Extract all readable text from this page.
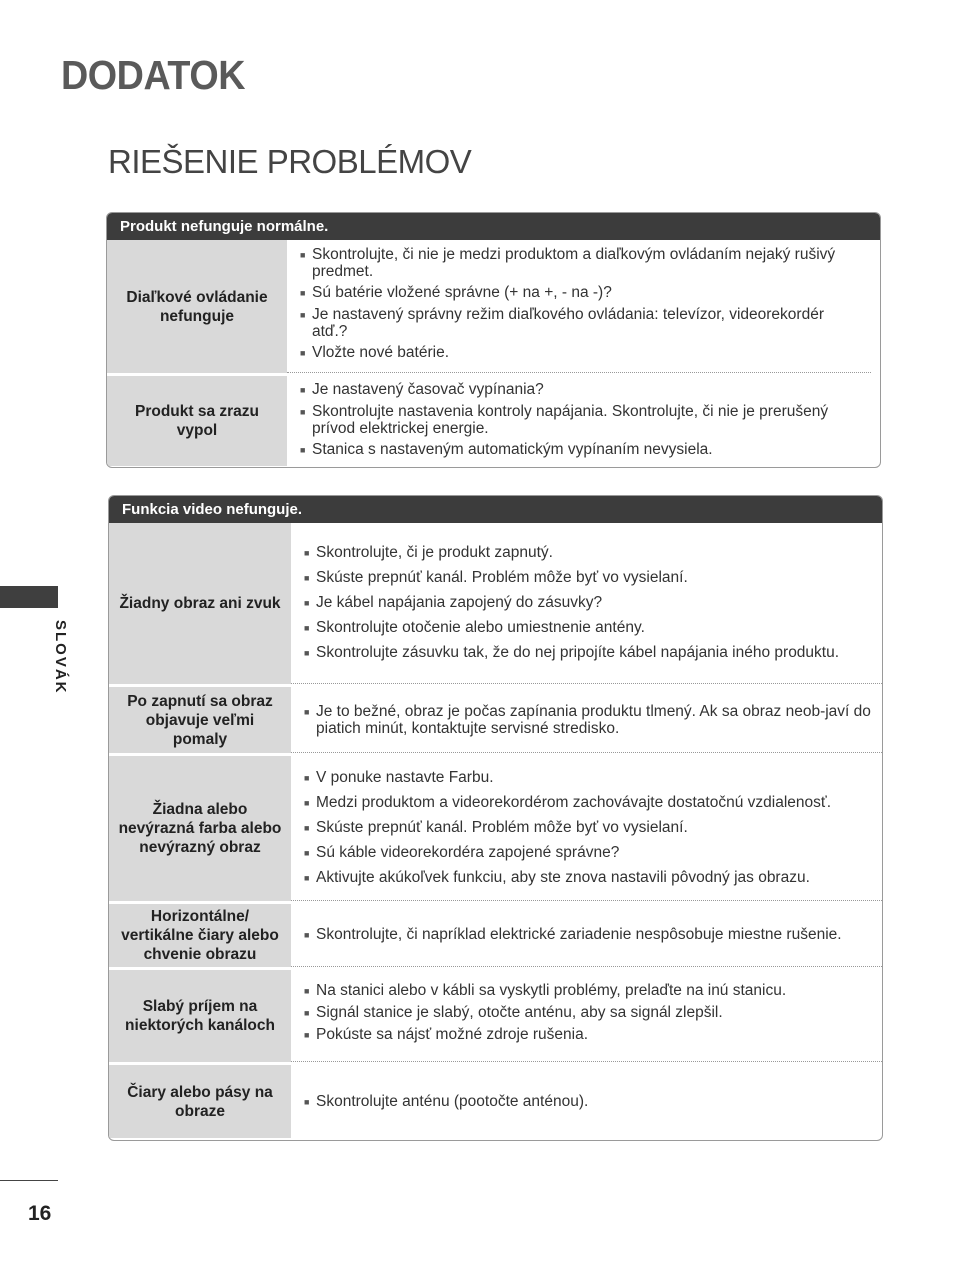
DODATOK
RIEŠENIE PROBLÉMOV
SLOVÁK
16
Produkt nefunguje normálne.
Diaľkové ovládanie
nefunguje
■ Skontrolujte, či nie je medzi produktom a diaľkovým ovládaním nejaký rušivý predmet.
■ Sú batérie vložené správne (+ na +, - na -)?
■ Je nastavený správny režim diaľkového ovládania: televízor, videorekordér atď.?
■ Vložte nové batérie.
Produkt sa zrazu
vypol
■ Je nastavený časovač vypínania?
■ Skontrolujte nastavenia kontroly napájania. Skontrolujte, či nie je prerušený prívod elektrickej energie.
■ Stanica s nastaveným automatickým vypínaním nevysiela.
Funkcia video nefunguje.
Žiadny obraz ani zvuk
■ Skontrolujte, či je produkt zapnutý.
■ Skúste prepnúť kanál. Problém môže byť vo vysielaní.
■ Je kábel napájania zapojený do zásuvky?
■ Skontrolujte otočenie alebo umiestnenie antény.
■ Skontrolujte zásuvku tak, že do nej pripojíte kábel napájania iného produktu.
Po zapnutí sa obraz
objavuje veľmi pomaly
■ Je to bežné, obraz je počas zapínania produktu tlmený. Ak sa obraz neob-javí do piatich minút, kontaktujte servisné stredisko.
Žiadna alebo
nevýrazná farba alebo
nevýrazný obraz
■ V ponuke nastavte Farbu.
■ Medzi produktom a videorekordérom zachovávajte dostatočnú vzdialenosť.
■ Skúste prepnúť kanál. Problém môže byť vo vysielaní.
■ Sú káble videorekordéra zapojené správne?
■ Aktivujte akúkoľvek funkciu, aby ste znova nastavili pôvodný jas obrazu.
Horizontálne/
vertikálne čiary alebo
chvenie obrazu
■ Skontrolujte, či napríklad elektrické zariadenie nespôsobuje miestne rušenie.
Slabý príjem na
niektorých kanáloch
■ Na stanici alebo v kábli sa vyskytli problémy, prelaďte na inú stanicu.
■ Signál stanice je slabý, otočte anténu, aby sa signál zlepšil.
■ Pokúste sa nájsť možné zdroje rušenia.
Čiary alebo pásy na
obraze
■ Skontrolujte anténu (pootočte anténou).
